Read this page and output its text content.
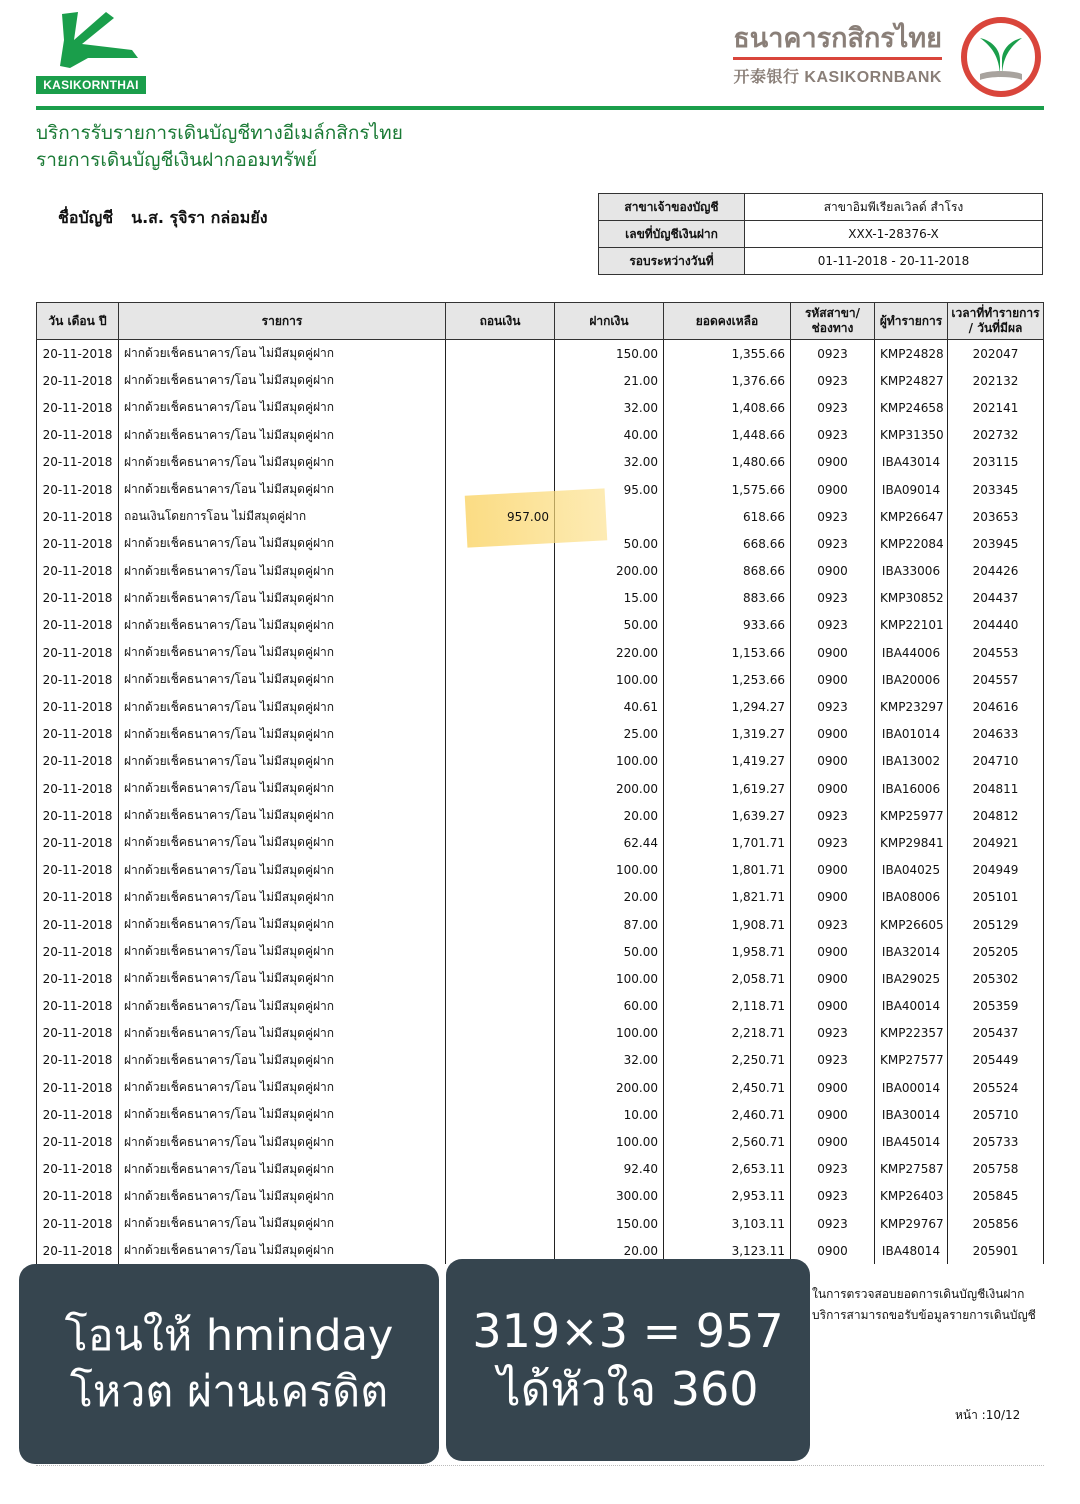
KASIKORNTHAI
ธนาคารกสิกรไทย
开泰银行 KASIKORNBANK
บริการรับรายการเดินบัญชีทางอีเมล์กสิกรไทย
รายการเดินบัญชีเงินฝากออมทรัพย์
ชื่อบัญชี น.ส. รุจิรา กล่อมยัง
สาขาเจ้าของบัญชี	สาขาอิมพีเรียลเวิลด์ สำโรง
เลขที่บัญชีเงินฝาก	XXX-1-28376-X
รอบระหว่างวันที่	01-11-2018 - 20-11-2018
วัน เดือน ปี	รายการ	ถอนเงิน	ฝากเงิน	ยอดคงเหลือ	รหัสสาขา/
ช่องทาง	ผู้ทำรายการ	เวลาที่ทำรายการ
/ วันที่มีผล
20-11-2018	ฝากด้วยเช็คธนาคาร/โอน ไม่มีสมุดคู่ฝาก		150.00	1,355.66	0923	KMP24828	202047
20-11-2018	ฝากด้วยเช็คธนาคาร/โอน ไม่มีสมุดคู่ฝาก		21.00	1,376.66	0923	KMP24827	202132
20-11-2018	ฝากด้วยเช็คธนาคาร/โอน ไม่มีสมุดคู่ฝาก		32.00	1,408.66	0923	KMP24658	202141
20-11-2018	ฝากด้วยเช็คธนาคาร/โอน ไม่มีสมุดคู่ฝาก		40.00	1,448.66	0923	KMP31350	202732
20-11-2018	ฝากด้วยเช็คธนาคาร/โอน ไม่มีสมุดคู่ฝาก		32.00	1,480.66	0900	IBA43014	203115
20-11-2018	ฝากด้วยเช็คธนาคาร/โอน ไม่มีสมุดคู่ฝาก		95.00	1,575.66	0900	IBA09014	203345
20-11-2018	ถอนเงินโดยการโอน ไม่มีสมุดคู่ฝาก	957.00		618.66	0923	KMP26647	203653
20-11-2018	ฝากด้วยเช็คธนาคาร/โอน ไม่มีสมุดคู่ฝาก		50.00	668.66	0923	KMP22084	203945
20-11-2018	ฝากด้วยเช็คธนาคาร/โอน ไม่มีสมุดคู่ฝาก		200.00	868.66	0900	IBA33006	204426
20-11-2018	ฝากด้วยเช็คธนาคาร/โอน ไม่มีสมุดคู่ฝาก		15.00	883.66	0923	KMP30852	204437
20-11-2018	ฝากด้วยเช็คธนาคาร/โอน ไม่มีสมุดคู่ฝาก		50.00	933.66	0923	KMP22101	204440
20-11-2018	ฝากด้วยเช็คธนาคาร/โอน ไม่มีสมุดคู่ฝาก		220.00	1,153.66	0900	IBA44006	204553
20-11-2018	ฝากด้วยเช็คธนาคาร/โอน ไม่มีสมุดคู่ฝาก		100.00	1,253.66	0900	IBA20006	204557
20-11-2018	ฝากด้วยเช็คธนาคาร/โอน ไม่มีสมุดคู่ฝาก		40.61	1,294.27	0923	KMP23297	204616
20-11-2018	ฝากด้วยเช็คธนาคาร/โอน ไม่มีสมุดคู่ฝาก		25.00	1,319.27	0900	IBA01014	204633
20-11-2018	ฝากด้วยเช็คธนาคาร/โอน ไม่มีสมุดคู่ฝาก		100.00	1,419.27	0900	IBA13002	204710
20-11-2018	ฝากด้วยเช็คธนาคาร/โอน ไม่มีสมุดคู่ฝาก		200.00	1,619.27	0900	IBA16006	204811
20-11-2018	ฝากด้วยเช็คธนาคาร/โอน ไม่มีสมุดคู่ฝาก		20.00	1,639.27	0923	KMP25977	204812
20-11-2018	ฝากด้วยเช็คธนาคาร/โอน ไม่มีสมุดคู่ฝาก		62.44	1,701.71	0923	KMP29841	204921
20-11-2018	ฝากด้วยเช็คธนาคาร/โอน ไม่มีสมุดคู่ฝาก		100.00	1,801.71	0900	IBA04025	204949
20-11-2018	ฝากด้วยเช็คธนาคาร/โอน ไม่มีสมุดคู่ฝาก		20.00	1,821.71	0900	IBA08006	205101
20-11-2018	ฝากด้วยเช็คธนาคาร/โอน ไม่มีสมุดคู่ฝาก		87.00	1,908.71	0923	KMP26605	205129
20-11-2018	ฝากด้วยเช็คธนาคาร/โอน ไม่มีสมุดคู่ฝาก		50.00	1,958.71	0900	IBA32014	205205
20-11-2018	ฝากด้วยเช็คธนาคาร/โอน ไม่มีสมุดคู่ฝาก		100.00	2,058.71	0900	IBA29025	205302
20-11-2018	ฝากด้วยเช็คธนาคาร/โอน ไม่มีสมุดคู่ฝาก		60.00	2,118.71	0900	IBA40014	205359
20-11-2018	ฝากด้วยเช็คธนาคาร/โอน ไม่มีสมุดคู่ฝาก		100.00	2,218.71	0923	KMP22357	205437
20-11-2018	ฝากด้วยเช็คธนาคาร/โอน ไม่มีสมุดคู่ฝาก		32.00	2,250.71	0923	KMP27577	205449
20-11-2018	ฝากด้วยเช็คธนาคาร/โอน ไม่มีสมุดคู่ฝาก		200.00	2,450.71	0900	IBA00014	205524
20-11-2018	ฝากด้วยเช็คธนาคาร/โอน ไม่มีสมุดคู่ฝาก		10.00	2,460.71	0900	IBA30014	205710
20-11-2018	ฝากด้วยเช็คธนาคาร/โอน ไม่มีสมุดคู่ฝาก		100.00	2,560.71	0900	IBA45014	205733
20-11-2018	ฝากด้วยเช็คธนาคาร/โอน ไม่มีสมุดคู่ฝาก		92.40	2,653.11	0923	KMP27587	205758
20-11-2018	ฝากด้วยเช็คธนาคาร/โอน ไม่มีสมุดคู่ฝาก		300.00	2,953.11	0923	KMP26403	205845
20-11-2018	ฝากด้วยเช็คธนาคาร/โอน ไม่มีสมุดคู่ฝาก		150.00	3,103.11	0923	KMP29767	205856
20-11-2018	ฝากด้วยเช็คธนาคาร/โอน ไม่มีสมุดคู่ฝาก		20.00	3,123.11	0900	IBA48014	205901
ในการตรวจสอบยอดการเดินบัญชีเงินฝาก
บริการสามารถขอรับข้อมูลรายการเดินบัญชี
หน้า :10/12
โอนให้ hminday
โหวต ผ่านเครดิต
319×3 = 957
ได้หัวใจ 360
